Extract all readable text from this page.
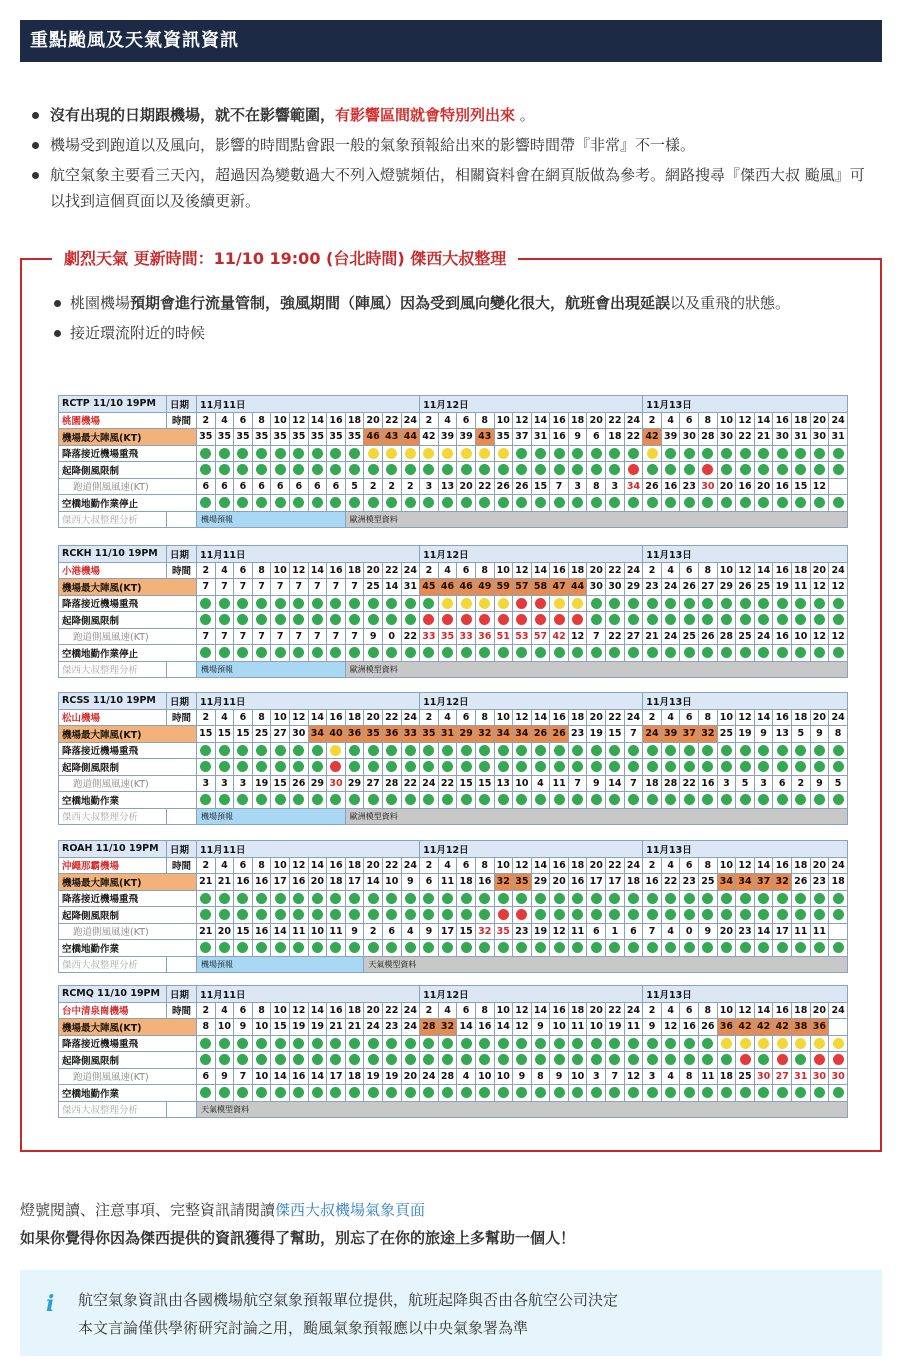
重點颱風及天氣資訊資訊
沒有出現的日期跟機場，就不在影響範圍，有影響區間就會特別列出來 。
機場受到跑道以及風向，影響的時間點會跟一般的氣象預報給出來的影響時間帶『非常』不一樣。
航空氣象主要看三天內，超過因為變數過大不列入燈號頻估，相關資料會在網頁版做為參考。網路搜尋『傑西大叔 颱風』可以找到這個頁面以及後續更新。
劇烈天氣 更新時間：11/10 19:00 (台北時間) 傑西大叔整理
桃園機場預期會進行流量管制，強風期間（陣風）因為受到風向變化很大，航班會出現延誤以及重飛的狀態。
接近環流附近的時候
RCTP 11/10 19PM	日期	11月11日												11月12日												11月13日										
桃園機場	時間	2	4	6	8	10	12	14	16	18	20	22	24	2	4	6	8	10	12	14	16	18	20	22	24	2	4	6	8	10	12	14	16	18	20	24
機場最大陣風(KT)		35	35	35	35	35	35	35	35	35	46	43	44	42	39	39	43	35	37	31	16	9	6	18	22	42	39	30	28	30	22	21	30	31	30	31
降落接近機場重飛																																				
起降側風限制																																				
跑道側風風速(KT)		6	6	6	6	6	6	6	6	5	2	2	2	3	13	20	22	26	26	15	7	3	8	3	34	26	16	23	30	20	16	20	16	15	12	
空橋地勤作業停止																																				
傑西大叔整理分析		機場預報								歐洲模型資料																										
RCKH 11/10 19PM	日期	11月11日												11月12日												11月13日										
小港機場	時間	2	4	6	8	10	12	14	16	18	20	22	24	2	4	6	8	10	12	14	16	18	20	22	24	2	4	6	8	10	12	14	16	18	20	24
機場最大陣風(KT)		7	7	7	7	7	7	7	7	7	25	14	31	45	46	46	49	59	57	58	47	44	30	30	29	23	24	26	27	29	26	25	19	11	12	12
降落接近機場重飛																																				
起降側風限制																																				
跑道側風風速(KT)		7	7	7	7	7	7	7	7	7	9	0	22	33	35	33	36	51	53	57	42	12	7	22	27	21	24	25	26	28	25	24	16	10	12	12
空橋地勤作業停止																																				
傑西大叔整理分析		機場預報								歐洲模型資料																										
RCSS 11/10 19PM	日期	11月11日												11月12日												11月13日										
松山機場	時間	2	4	6	8	10	12	14	16	18	20	22	24	2	4	6	8	10	12	14	16	18	20	22	24	2	4	6	8	10	12	14	16	18	20	24
機場最大陣風(KT)		15	15	15	25	27	30	34	40	36	35	36	33	35	31	29	32	34	34	26	26	23	19	15	7	24	39	37	32	25	19	9	13	5	9	8
降落接近機場重飛																																				
起降側風限制																																				
跑道側風風速(KT)		3	3	3	19	15	26	29	30	29	27	28	22	24	22	15	15	13	10	4	11	7	9	14	7	18	28	22	16	3	5	3	6	2	9	5
空橋地勤作業																																				
傑西大叔整理分析		機場預報								歐洲模型資料																										
ROAH 11/10 19PM	日期	11月11日												11月12日												11月13日										
沖繩那霸機場	時間	2	4	6	8	10	12	14	16	18	20	22	24	2	4	6	8	10	12	14	16	18	20	22	24	2	4	6	8	10	12	14	16	18	20	24
機場最大陣風(KT)		21	21	16	16	17	16	20	18	17	14	10	9	6	11	18	16	32	35	29	20	16	17	17	18	16	22	23	25	34	34	37	32	26	23	18
降落接近機場重飛																																				
起降側風限制																																				
跑道側風風速(KT)		21	20	15	16	14	11	10	11	9	2	6	4	9	17	15	32	35	23	19	12	11	6	1	6	7	4	0	9	20	23	14	17	11	11	
空橋地勤作業																																				
傑西大叔整理分析		機場預報									天氣模型資料																									
RCMQ 11/10 19PM	日期	11月11日												11月12日												11月13日										
台中清泉崗機場	時間	2	4	6	8	10	12	14	16	18	20	22	24	2	4	6	8	10	12	14	16	18	20	22	24	2	4	6	8	10	12	14	16	18	20	24
機場最大陣風(KT)		8	10	9	10	15	19	19	21	21	24	23	24	28	32	14	16	14	12	9	10	11	10	19	11	9	12	16	26	36	42	42	42	38	36	
降落接近機場重飛																																				
起降側風限制																																				
跑道側風風速(KT)		6	9	7	10	14	16	14	17	18	19	19	20	24	28	4	10	10	9	8	9	10	3	7	12	3	4	8	11	18	25	30	27	31	30	30
空橋地勤作業																																				
傑西大叔整理分析		天氣模型資料																																		
燈號閱讀、注意事項、完整資訊請閱讀傑西大叔機場氣象頁面
如果你覺得你因為傑西提供的資訊獲得了幫助，別忘了在你的旅途上多幫助一個人！
i 航空氣象資訊由各國機場航空氣象預報單位提供，航班起降與否由各航空公司決定
本文言論僅供學術研究討論之用，颱風氣象預報應以中央氣象署為準
